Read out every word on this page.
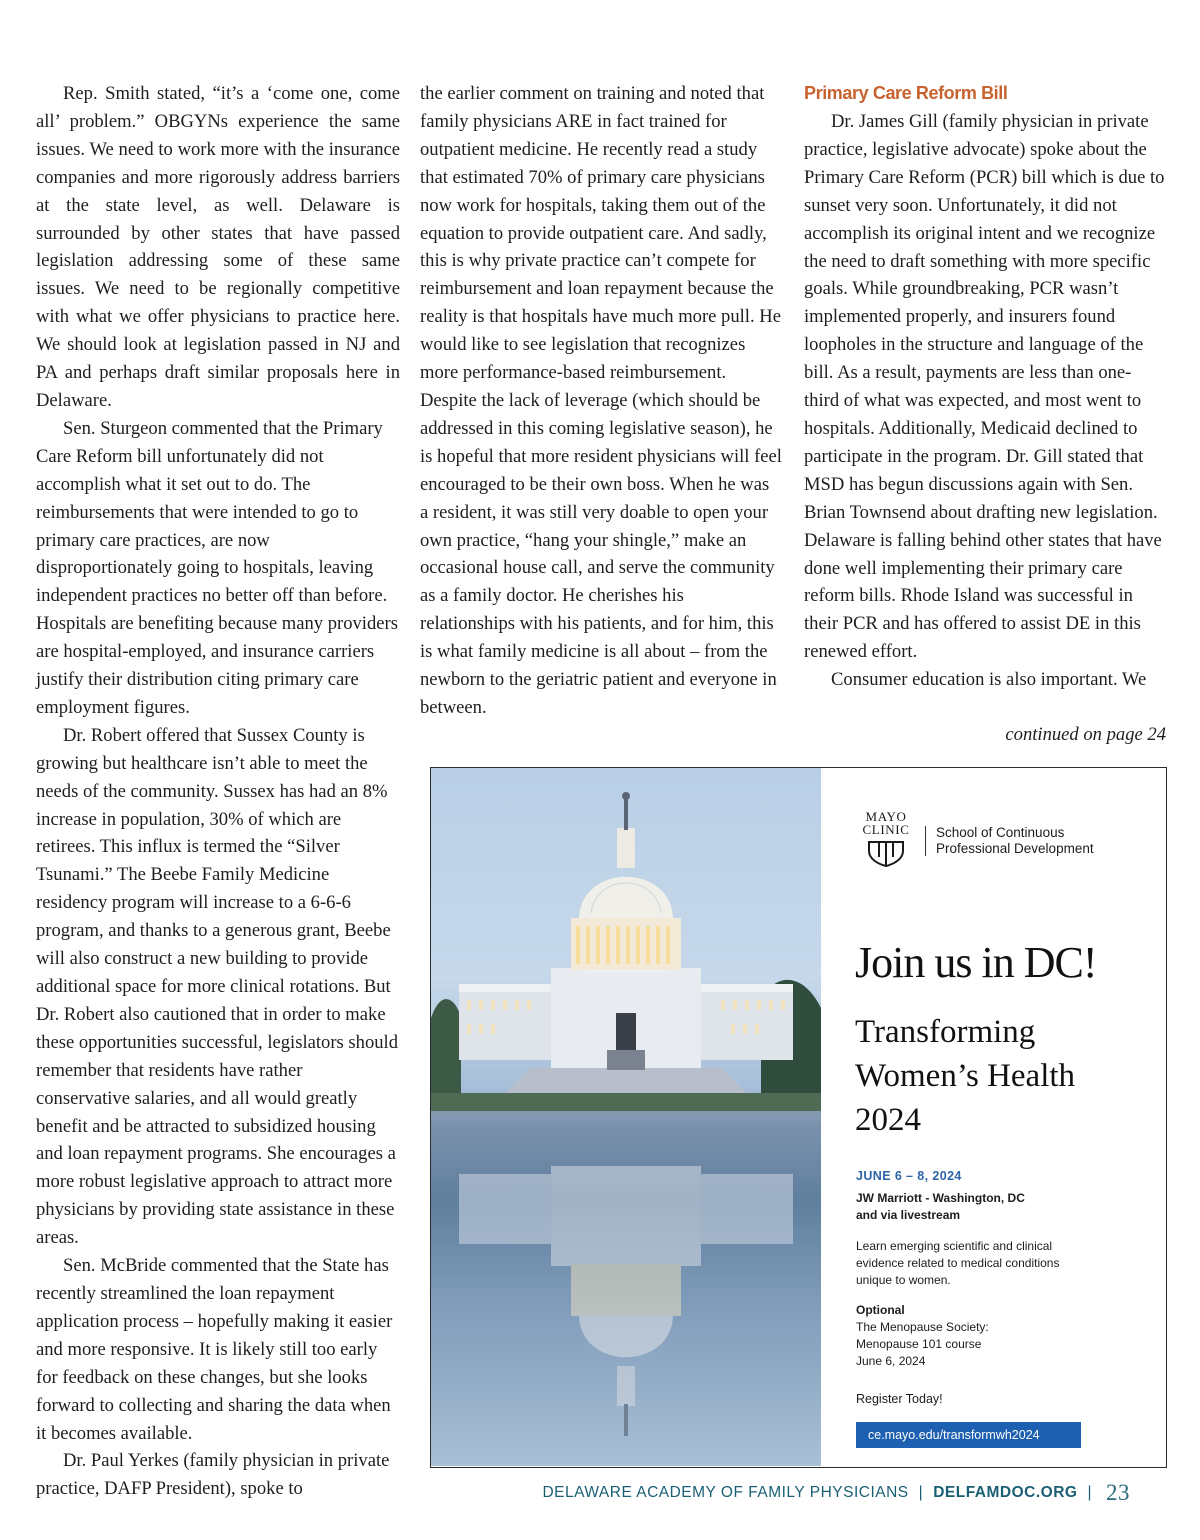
Rep. Smith stated, “it’s a ‘come one, come all’ problem.” OBGYNs experience the same issues. We need to work more with the insurance companies and more rigorously address barriers at the state level, as well. Delaware is surrounded by other states that have passed legislation addressing some of these same issues. We need to be regionally competitive with what we offer physicians to practice here. We should look at legislation passed in NJ and PA and perhaps draft similar proposals here in Delaware.

Sen. Sturgeon commented that the Primary Care Reform bill unfortunately did not accomplish what it set out to do. The reimbursements that were intended to go to primary care practices, are now disproportionately going to hospitals, leaving independent practices no better off than before. Hospitals are benefiting because many providers are hospital-employed, and insurance carriers justify their distribution citing primary care employment figures.

Dr. Robert offered that Sussex County is growing but healthcare isn’t able to meet the needs of the community. Sussex has had an 8% increase in population, 30% of which are retirees. This influx is termed the “Silver Tsunami.” The Beebe Family Medicine residency program will increase to a 6-6-6 program, and thanks to a generous grant, Beebe will also construct a new building to provide additional space for more clinical rotations. But Dr. Robert also cautioned that in order to make these opportunities successful, legislators should remember that residents have rather conservative salaries, and all would greatly benefit and be attracted to subsidized housing and loan repayment programs. She encourages a more robust legislative approach to attract more physicians by providing state assistance in these areas.

Sen. McBride commented that the State has recently streamlined the loan repayment application process – hopefully making it easier and more responsive. It is likely still too early for feedback on these changes, but she looks forward to collecting and sharing the data when it becomes available.

Dr. Paul Yerkes (family physician in private practice, DAFP President), spoke to

the earlier comment on training and noted that family physicians ARE in fact trained for outpatient medicine. He recently read a study that estimated 70% of primary care physicians now work for hospitals, taking them out of the equation to provide outpatient care. And sadly, this is why private practice can’t compete for reimbursement and loan repayment because the reality is that hospitals have much more pull. He would like to see legislation that recognizes more performance-based reimbursement. Despite the lack of leverage (which should be addressed in this coming legislative season), he is hopeful that more resident physicians will feel encouraged to be their own boss. When he was a resident, it was still very doable to open your own practice, “hang your shingle,” make an occasional house call, and serve the community as a family doctor. He cherishes his relationships with his patients, and for him, this is what family medicine is all about – from the newborn to the geriatric patient and everyone in between.

Primary Care Reform Bill

Dr. James Gill (family physician in private practice, legislative advocate) spoke about the Primary Care Reform (PCR) bill which is due to sunset very soon. Unfortunately, it did not accomplish its original intent and we recognize the need to draft something with more specific goals. While groundbreaking, PCR wasn’t implemented properly, and insurers found loopholes in the structure and language of the bill. As a result, payments are less than one-third of what was expected, and most went to hospitals. Additionally, Medicaid declined to participate in the program. Dr. Gill stated that MSD has begun discussions again with Sen. Brian Townsend about drafting new legislation. Delaware is falling behind other states that have done well implementing their primary care reform bills. Rhode Island was successful in their PCR and has offered to assist DE in this renewed effort.

Consumer education is also important. We

continued on page 24
MAYO
CLINIC	School of Continuous
Professional Development
Join us in DC!
Transforming
Women’s Health
2024
JUNE 6 – 8, 2024
JW Marriott - Washington, DC
and via livestream
Learn emerging scientific and clinical
evidence related to medical conditions
unique to women.
Optional
The Menopause Society:
Menopause 101 course
June 6, 2024
Register Today!
ce.mayo.edu/transformwh2024
DELAWARE ACADEMY OF FAMILY PHYSICIANS | DELFAMDOC.ORG | 23
